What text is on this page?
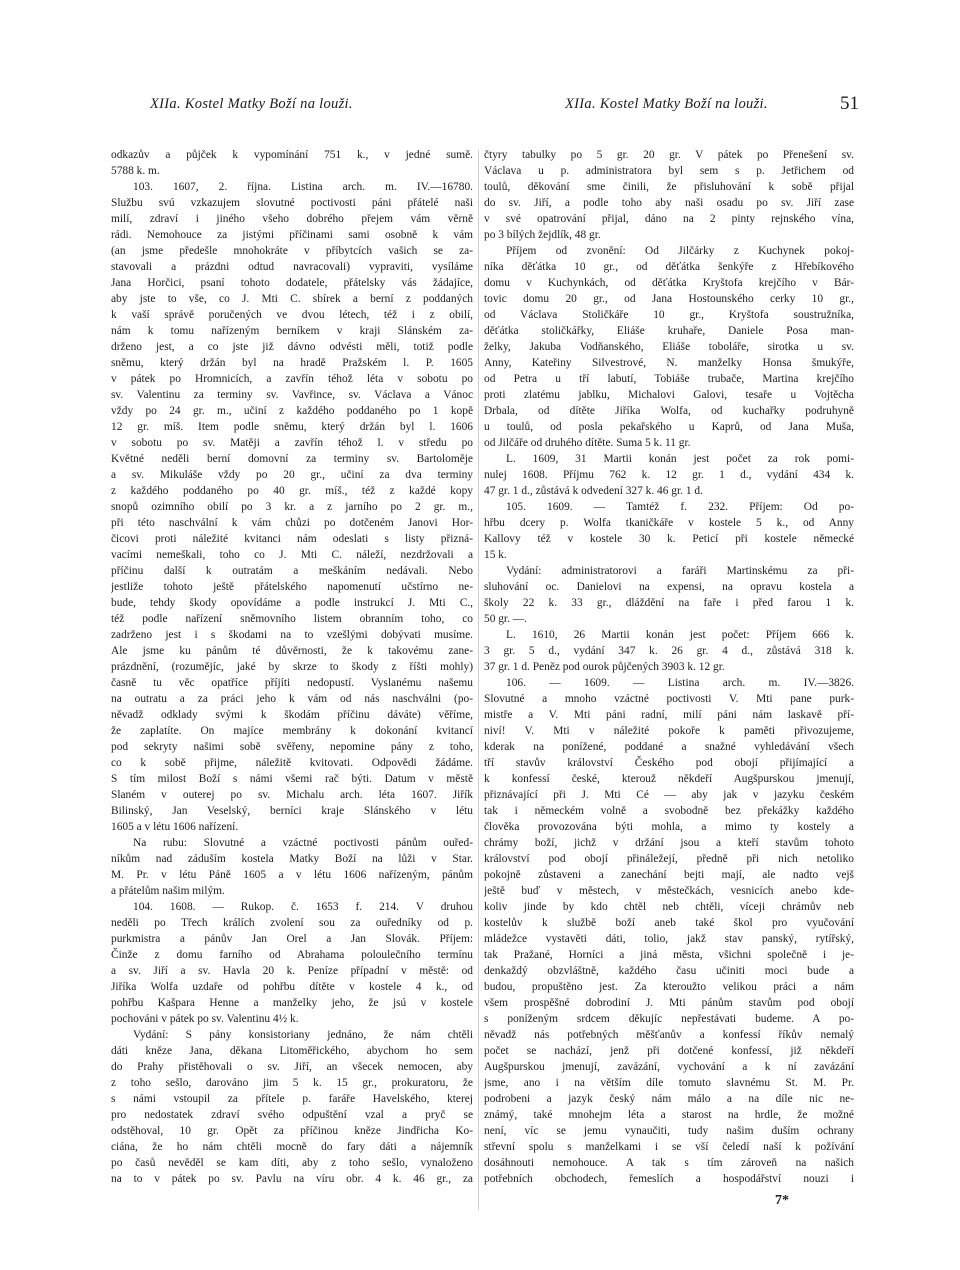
XIIa. Kostel Matky Boží na louži.	XIIa. Kostel Matky Boží na louži.	51
odkazův a půjček k vypomínání 751 k., v jedné sumě.
5788 k. m.
103. 1607, 2. října. Listina arch. m. IV.—16780.
Službu svú vzkazujem slovutné poctivosti páni přátelé naši
milí, zdraví i jiného všeho dobrého přejem vám věrně
rádi. Nemohouce za jistými příčinami sami osobně k vám
(an jsme předešle mnohokráte v příbytcích vašich se za-
stavovali a prázdni odtud navracovali) vypraviti, vysíláme
Jana Horčici, psaní tohoto dodatele, přátelsky vás žádajíce,
aby jste to vše, co J. Mti C. sbírek a berní z poddaných
k vaší správě poručených ve dvou létech, též i z obilí,
nám k tomu nařízeným berníkem v kraji Slánském za-
drženo jest, a co jste již dávno odvésti měli, totiž podle
sněmu, který držán byl na hradě Pražském l. P. 1605
v pátek po Hromnicích, a zavřín téhož léta v sobotu po
sv. Valentinu za terminy sv. Vavřince, sv. Václava a Vánoc
vždy po 24 gr. m., učiní z každého poddaného po 1 kopě
12 gr. míš. Item podle sněmu, který držán byl l. 1606
v sobotu po sv. Matěji a zavřín téhož l. v středu po
Květné neděli berní domovní za terminy sv. Bartoloměje
a sv. Mikuláše vždy po 20 gr., učiní za dva terminy
z každého poddaného po 40 gr. míš., též z každé kopy
snopů ozimního obilí po 3 kr. a z jarního po 2 gr. m.,
při této naschvální k vám chůzi po dotčeném Janovi Hor-
čicovi proti náležité kvitanci nám odeslati s listy přizná-
vacími nemeškali, toho co J. Mti C. náleží, nezdržovali a
příčinu další k outratám a meškáním nedávali. Nebo
jestliže tohoto ještě přátelského napomenutí učstírno ne-
bude, tehdy škody opovídáme a podle instrukcí J. Mti C.,
též podle nařízení sněmovního listem obranním toho, co
zadrženo jest i s škodami na to vzešlými dobývati musíme.
Ale jsme ku pánům té důvěrnosti, že k takovému zane-
prázdnění, (rozumějíc, jaké by skrze to škody z říšti mohly)
časně tu věc opatříce příjíti nedopustí. Vyslanému našemu
na outratu a za práci jeho k vám od nás naschválni (po-
něvadž odklady svými k škodám příčinu dáváte) věříme,
že zaplatíte. On majíce membrány k dokonání kvitancí
pod sekryty našimi sobě svěřeny, nepomine pány z toho,
co k sobě přijme, náležitě kvitovati. Odpovědi žádáme.
S tím milost Boží s námi všemi rač býti. Datum v městě
Slaném v outerej po sv. Michalu arch. léta 1607. Jiřík
Bilinský, Jan Veselský, berníci kraje Slánského v létu
1605 a v létu 1606 nařízení.
Na rubu: Slovutné a vzáctné poctivosti pánům ouřed-
níkům nad záduším kostela Matky Boží na lůži v Star.
M. Pr. v létu Páně 1605 a v létu 1606 nařízeným, pánům
a přátelům našim milým.
104. 1608. — Rukop. č. 1653 f. 214. V druhou
neděli po Třech králích zvolení sou za ouředníky od p.
purkmistra a pánův Jan Orel a Jan Slovák. Příjem:
Činže z domu farního od Abrahama poloulečního termínu
a sv. Jiří a sv. Havla 20 k. Peníze případní v městě: od
Jiříka Wolfa uzdaře od pohřbu dítěte v kostele 4 k., od
pohřbu Kašpara Henne a manželky jeho, že jsú v kostele
pochováni v pátek po sv. Valentinu 4½ k.
Vydání: S pány konsistoriany jednáno, že nám chtěli
dáti kněze Jana, děkana Litoměřického, abychom ho sem
do Prahy přistěhovali o sv. Jiří, an všecek nemocen, aby
z toho sešlo, darováno jim 5 k. 15 gr., prokuratoru, že
s námi vstoupil za přítele p. faráře Havelského, kterej
pro nedostatek zdraví svého odpuštění vzal a pryč se
odstěhoval, 10 gr. Opět za příčinou kněze Jindřicha Ko-
ciána, že ho nám chtěli mocně do fary dáti a nájemník
po časů nevěděl se kam díti, aby z toho sešlo, vynaloženo
na to v pátek po sv. Pavlu na víru obr. 4 k. 46 gr., za
čtyry tabulky po 5 gr. 20 gr. V pátek po Přenešení sv.
Václava u p. administratora byl sem s p. Jetřichem od
toulů, děkování sme činili, že přisluhování k sobě přijal
do sv. Jiří, a podle toho aby naši osadu po sv. Jiří zase
v své opatrování přijal, dáno na 2 pinty rejnského vína,
po 3 bílých žejdlík, 48 gr.
Příjem od zvonění: Od Jilčárky z Kuchynek pokoj-
níka děťátka 10 gr., od děťátka šenkýře z Hřebíkového
domu v Kuchynkách, od děťátka Kryštofa krejčího v Bár-
tovic domu 20 gr., od Jana Hostounského cerky 10 gr.,
od Václava Stoličkáře 10 gr., Kryštofa soustružníka,
děťátka stoličkářky, Eliáše kruhaře, Daniele Posa man-
želky, Jakuba Vodňanského, Eliáše toboláře, sirotka u sv.
Anny, Kateřiny Silvestrové, N. manželky Honsa šmukýře,
od Petra u tří labutí, Tobiáše trubače, Martina krejčího
proti zlatému jablku, Michalovi Galovi, tesaře u Vojtěcha
Drbala, od dítěte Jiříka Wolfa, od kuchařky podruhyně
u toulů, od posla pekařského u Kaprů, od Jana Muša,
od Jilčáře od druhého dítěte. Suma 5 k. 11 gr.
L. 1609, 31 Martii konán jest počet za rok pomi-
nulej 1608. Příjmu 762 k. 12 gr. 1 d., vydání 434 k.
47 gr. 1 d., zůstává k odvedení 327 k. 46 gr. 1 d.
105. 1609. — Tamtéž f. 232. Příjem: Od po-
hřbu dcery p. Wolfa tkaničkáře v kostele 5 k., od Anny
Kallovy též v kostele 30 k. Peticí při kostele německé
15 k.
Vydání: administratorovi a faráři Martinskému za při-
sluhování oc. Danielovi na expensi, na opravu kostela a
školy 22 k. 33 gr., dláždění na faře i před farou 1 k.
50 gr. —.
L. 1610, 26 Martii konán jest počet: Příjem 666 k.
3 gr. 5 d., vydání 347 k. 26 gr. 4 d., zůstává 318 k.
37 gr. 1 d. Peněz pod ourok půjčených 3903 k. 12 gr.
106. — 1609. — Listina arch. m. IV.—3826.
Slovutné a mnoho vzáctné poctivosti V. Mti pane purk-
mistře a V. Mti páni radní, milí páni nám laskavě pří-
niví! V. Mti v náležité pokoře k paměti přivozujeme,
kderak na ponížené, poddané a snažné vyhledávání všech
tří stavův království Českého pod obojí přijímající a
k konfessí české, kterouž někdeří Augšpurskou jmenují,
přiznávající při J. Mti Cé — aby jak v jazyku českém
tak i německém volně a svobodně bez překážky každého
člověka provozována býti mohla, a mimo ty kostely a
chrámy boží, jichž v držání jsou a kteří stavům tohoto
království pod obojí přináležejí, předně při nich netoliko
pokojně zůstaveni a zanechání bejti mají, ale nadto vejš
ještě buď v městech, v městečkách, vesnicích anebo kde-
koliv jinde by kdo chtěl neb chtěli, víceji chrámův neb
kostelův k službě boží aneb také škol pro vyučování
mládežce vystavěti dáti, tolio, jakž stav panský, rytířský,
tak Pražané, Horníci a jiná města, všichni společně i je-
denkaždý obzvláštně, každého času učiniti moci bude a
budou, propuštěno jest. Za kteroužto velikou práci a nám
všem prospěšné dobrodiní J. Mti pánům stavům pod obojí
s poníženým srdcem děkujíc nepřestávati budeme. A po-
něvadž nás potřebných měšťanův a konfessí říkův nemalý
počet se nachází, jenž při dotčené konfessí, již někdeří
Augšpurskou jmenují, zavázání, vychování a k ní zavázání
jsme, ano i na větším díle tomuto slavnému St. M. Pr.
podrobeni a jazyk český nám málo a na díle nic ne-
známý, také mnohejm léta a starost na hrdle, že možné
není, víc se jemu vynaučiti, tudy našim duším ochrany
střevní spolu s manželkami i se vší čeledí naší k požívání
dosáhnouti nemohouce. A tak s tím zároveň na našich
potřebních obchodech, řemeslích a hospodářství nouzi i
7*
